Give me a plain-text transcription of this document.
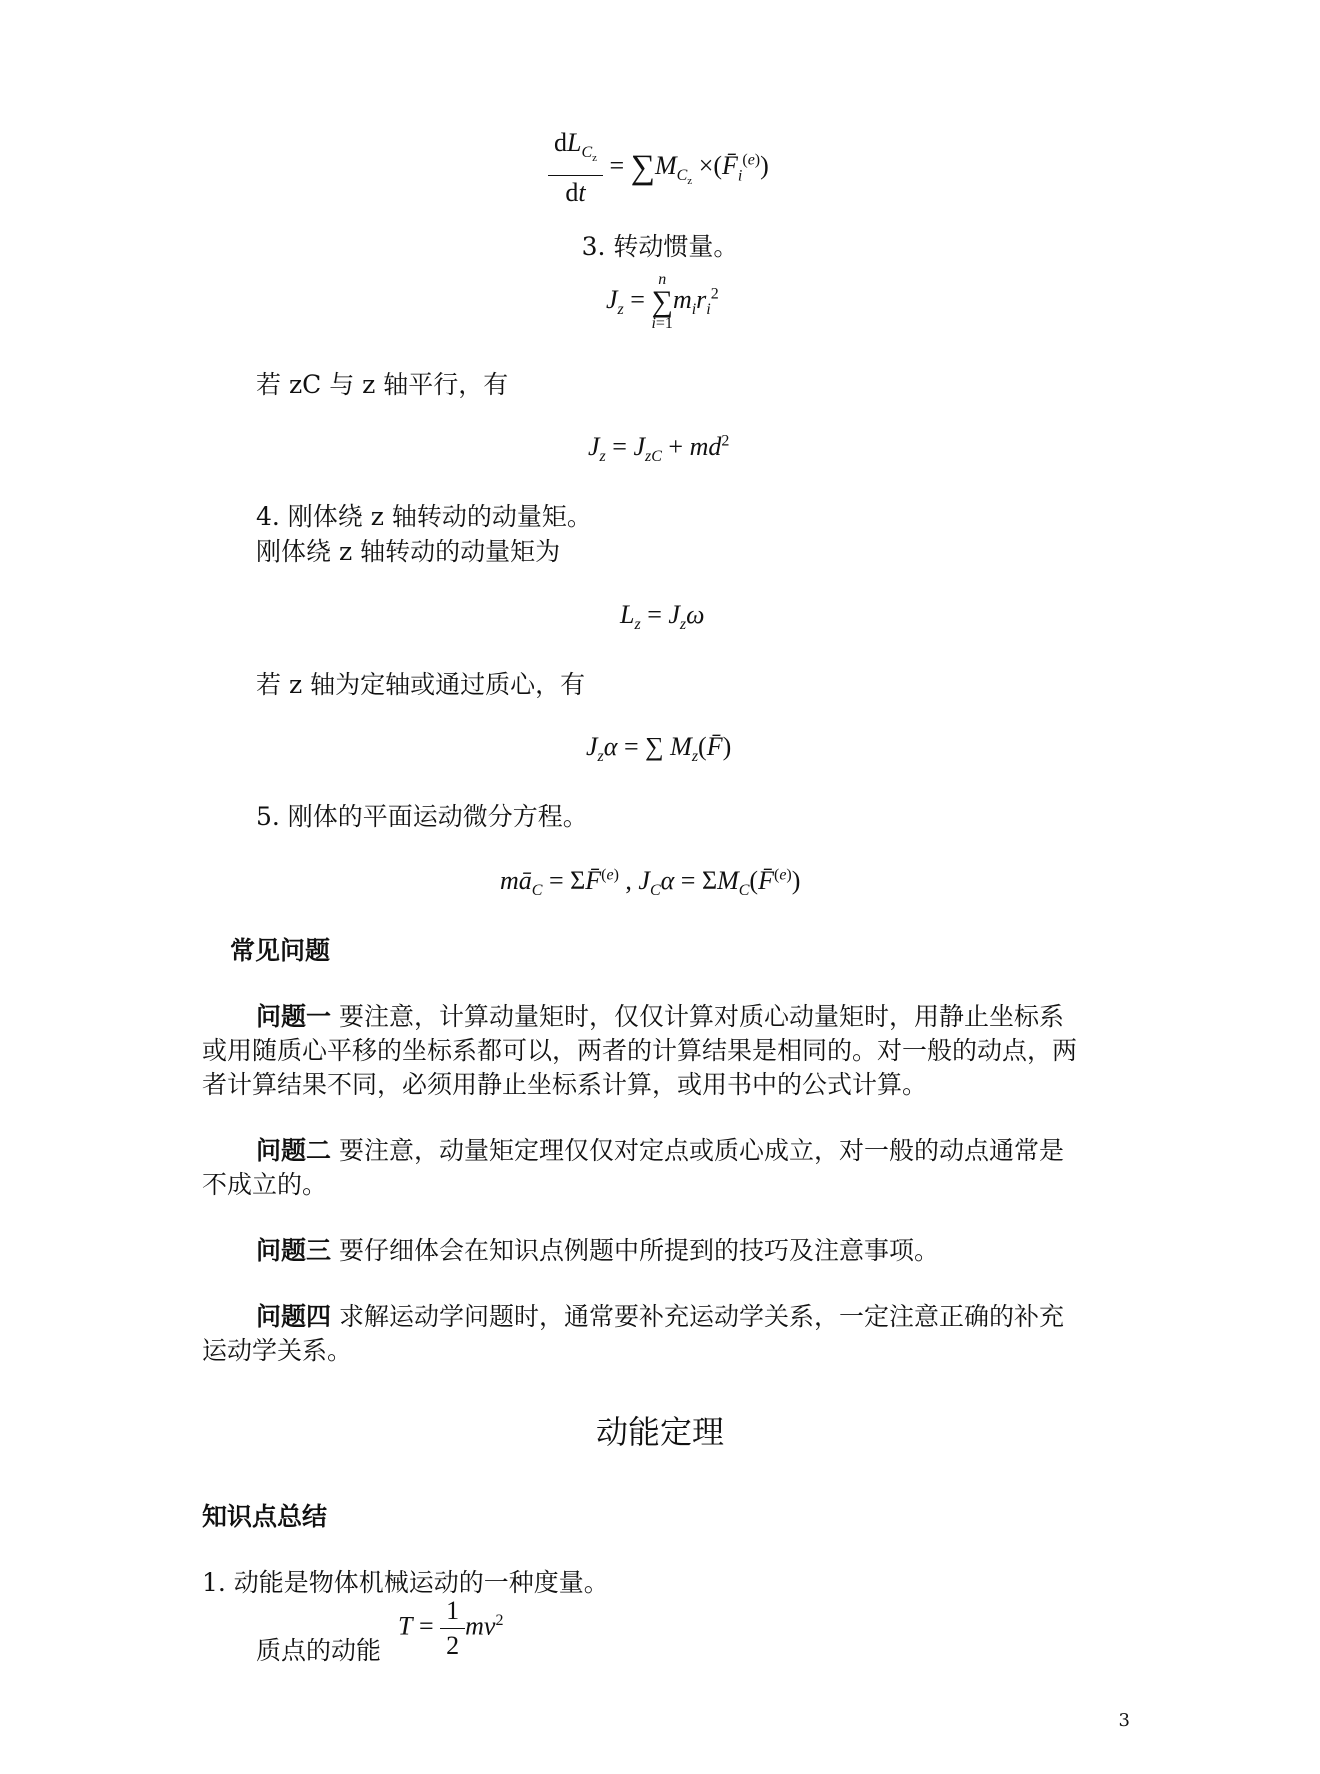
$\frac{dL_{C_z}}{dt} = \sum M_{C_z}$ $\times(F̄_i^{(e)})$
3. 转动惯量。
$J_z = n$
∑
$i=1m_ir_i^2$
若 zC 与 z 轴平行，有
$J_z = J_{zC} + md^2$
4. 刚体绕 z 轴转动的动量矩。
刚体绕 z 轴转动的动量矩为
$L_z = J_z\omega$
若 z 轴为定轴或通过质心，有
$J_z\alpha$ = ∑ $M_z(F̄)$
5. 刚体的平面运动微分方程。
$mā_C$ = ΣF̄$^{(e)}$ , $J_C\alpha$ = $\Sigma M_C(F̄^{(e)})$
常见问题
问题一 要注意，计算动量矩时，仅仅计算对质心动量矩时，用静止坐标系
或用随质心平移的坐标系都可以，两者的计算结果是相同的。对一般的动点，两
者计算结果不同，必须用静止坐标系计算，或用书中的公式计算。
问题二 要注意，动量矩定理仅仅对定点或质心成立，对一般的动点通常是
不成立的。
问题三 要仔细体会在知识点例题中所提到的技巧及注意事项。
问题四 求解运动学问题时，通常要补充运动学关系，一定注意正确的补充
运动学关系。
动能定理
知识点总结
1. 动能是物体机械运动的一种度量。
质点的动能
$T = \frac{1}{2} mv^2$
3
